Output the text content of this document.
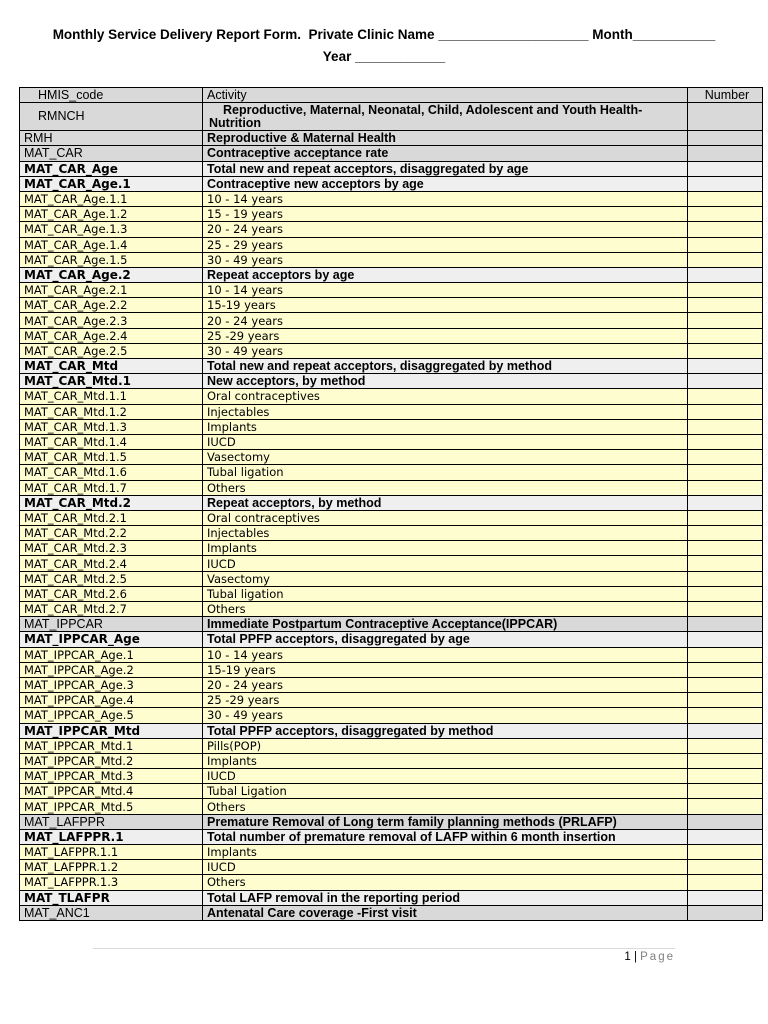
Monthly Service Delivery Report Form.  Private Clinic Name ____________________ Month___________
Year ____________
HMIS_code	Activity	Number
RMNCH	Reproductive, Maternal, Neonatal, Child, Adolescent and Youth Health-Nutrition	
RMH	Reproductive & Maternal Health	
MAT_CAR	Contraceptive acceptance rate	
MAT_CAR_Age	Total new and repeat acceptors, disaggregated by age	
MAT_CAR_Age.1	Contraceptive new acceptors by age	
MAT_CAR_Age.1.1	10 - 14 years	
MAT_CAR_Age.1.2	15 - 19 years	
MAT_CAR_Age.1.3	20 - 24 years	
MAT_CAR_Age.1.4	25 - 29 years	
MAT_CAR_Age.1.5	30 - 49 years	
MAT_CAR_Age.2	Repeat acceptors by age	
MAT_CAR_Age.2.1	10 - 14 years	
MAT_CAR_Age.2.2	15-19 years	
MAT_CAR_Age.2.3	20 - 24 years	
MAT_CAR_Age.2.4	25 -29 years	
MAT_CAR_Age.2.5	30 - 49 years	
MAT_CAR_Mtd	Total new and repeat acceptors, disaggregated by method	
MAT_CAR_Mtd.1	New acceptors, by method	
MAT_CAR_Mtd.1.1	Oral contraceptives	
MAT_CAR_Mtd.1.2	Injectables	
MAT_CAR_Mtd.1.3	Implants	
MAT_CAR_Mtd.1.4	IUCD	
MAT_CAR_Mtd.1.5	Vasectomy	
MAT_CAR_Mtd.1.6	Tubal ligation	
MAT_CAR_Mtd.1.7	Others	
MAT_CAR_Mtd.2	Repeat acceptors, by method	
MAT_CAR_Mtd.2.1	Oral contraceptives	
MAT_CAR_Mtd.2.2	Injectables	
MAT_CAR_Mtd.2.3	Implants	
MAT_CAR_Mtd.2.4	IUCD	
MAT_CAR_Mtd.2.5	Vasectomy	
MAT_CAR_Mtd.2.6	Tubal ligation	
MAT_CAR_Mtd.2.7	Others	
MAT_IPPCAR	Immediate Postpartum Contraceptive Acceptance(IPPCAR)	
MAT_IPPCAR_Age	Total PPFP acceptors, disaggregated by age	
MAT_IPPCAR_Age.1	10 - 14 years	
MAT_IPPCAR_Age.2	15-19 years	
MAT_IPPCAR_Age.3	20 - 24 years	
MAT_IPPCAR_Age.4	25 -29 years	
MAT_IPPCAR_Age.5	30 - 49 years	
MAT_IPPCAR_Mtd	Total PPFP acceptors, disaggregated by method	
MAT_IPPCAR_Mtd.1	Pills(POP)	
MAT_IPPCAR_Mtd.2	Implants	
MAT_IPPCAR_Mtd.3	IUCD	
MAT_IPPCAR_Mtd.4	Tubal Ligation	
MAT_IPPCAR_Mtd.5	Others	
MAT_LAFPPR	Premature Removal of Long term family planning methods (PRLAFP)	
MAT_LAFPPR.1	Total number of premature removal of LAFP within 6 month insertion	
MAT_LAFPPR.1.1	Implants	
MAT_LAFPPR.1.2	IUCD	
MAT_LAFPPR.1.3	Others	
MAT_TLAFPR	Total LAFP removal in the reporting period	
MAT_ANC1	Antenatal Care coverage -First visit	
1 | Page
